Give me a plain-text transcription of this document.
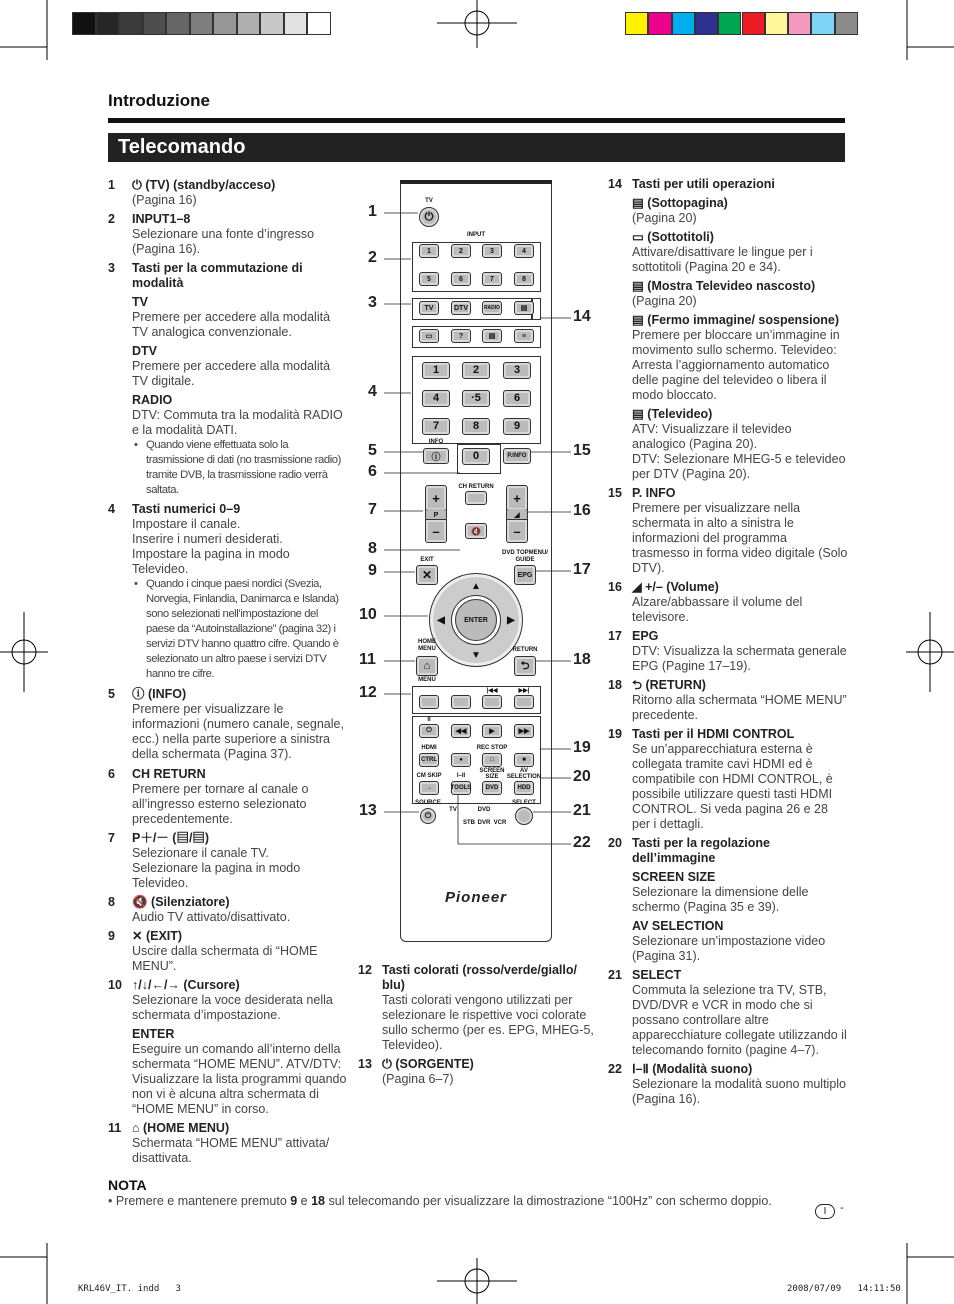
Introduzione
Telecomando
1 ⏻ (TV) (standby/acceso)
(Pagina 16)
2 INPUT1–8
Selezionare una fonte d’ingresso (Pagina 16).
3 Tasti per la commutazione di modalità
TV
Premere per accedere alla modalità TV analogica convenzionale.
DTV
Premere per accedere alla modalità TV digitale.
RADIO
DTV: Commuta tra la modalità RADIO e la modalità DATI.
• Quando viene effettuata solo la trasmissione di dati (no trasmissione radio) tramite DVB, la trasmissione radio verrà saltata.
4 Tasti numerici 0–9
Impostare il canale.
Inserire i numeri desiderati.
Impostare la pagina in modo Televideo.
• Quando i cinque paesi nordici (Svezia, Norvegia, Finlandia, Danimarca e Islanda) sono selezionati nell’impostazione del paese da “Autoinstallazione” (pagina 32) i servizi DTV hanno quattro cifre. Quando è selezionato un altro paese i servizi DTV hanno tre cifre.
5 ⓘ (INFO)
Premere per visualizzare le informazioni (numero canale, segnale, ecc.) nella parte superiore a sinistra della schermata (Pagina 37).
6 CH RETURN
Premere per tornare al canale o all’ingresso esterno selezionato precedentemente.
7 P＋/－ (▤/▤)
Selezionare il canale TV.
Selezionare la pagina in modo Televideo.
8 🔇 (Silenziatore)
Audio TV attivato/disattivato.
9 ✕ (EXIT)
Uscire dalla schermata di “HOME MENU”.
10 ↑/↓/←/→ (Cursore)
Selezionare la voce desiderata nella schermata d’impostazione.
ENTER
Eseguire un comando all’interno della schermata “HOME MENU”. ATV/DTV: Visualizzare la lista programmi quando non vi è alcuna altra schermata di “HOME MENU” in corso.
11 ⌂ (HOME MENU)
Schermata “HOME MENU” attivata/ disattivata.
12 Tasti colorati (rosso/verde/giallo/ blu)
Tasti colorati vengono utilizzati per selezionare le rispettive voci colorate sullo schermo (per es. EPG, MHEG-5, Televideo).
13 ⏻ (SORGENTE)
(Pagina 6–7)
14 Tasti per utili operazioni
▤ (Sottopagina)
(Pagina 20)
▭ (Sottotitoli)
Attivare/disattivare le lingue per i sottotitoli (Pagina 20 e 34).
▤ (Mostra Televideo nascosto)
(Pagina 20)
▤ (Fermo immagine/ sospensione)
Premere per bloccare un’immagine in movimento sullo schermo. Televideo: Arresta l’aggiornamento automatico delle pagine del televideo o libera il modo bloccato.
▤ (Televideo)
ATV: Visualizzare il televideo analogico (Pagina 20).
DTV: Selezionare MHEG-5 e televideo per DTV (Pagina 20).
15 P. INFO
Premere per visualizzare nella schermata in alto a sinistra le informazioni del programma trasmesso in forma video digitale (Solo DTV).
16 ◢ +/– (Volume)
Alzare/abbassare il volume del televisore.
17 EPG
DTV: Visualizza la schermata generale EPG (Pagine 17–19).
18 ⮌ (RETURN)
Ritorno alla schermata “HOME MENU” precedente.
19 Tasti per il HDMI CONTROL
Se un’apparecchiatura esterna è collegata tramite cavi HDMI ed è compatibile con HDMI CONTROL, è possibile utilizzare questi tasti HDMI CONTROL. Si veda pagina 26 e 28 per i dettagli.
20 Tasti per la regolazione dell’immagine
SCREEN SIZE
Selezionare la dimensione delle schermo (Pagina 35 e 39).
AV SELECTION
Selezionare un’impostazione video (Pagina 31).
21 SELECT
Commuta la selezione tra TV, STB, DVD/DVR e VCR in modo che si possano controllare altre apparecchiature collegate utilizzando il telecomando fornito (pagine 4–7).
22 Ⅰ–Ⅱ (Modalità suono)
Selezionare la modalità suono multiplo (Pagina 16).
TV
⏻
INPUT
1
5
2
6
3
7
4
8
TV	DTV	RADIO	▤
▭	?	▤	≡
1	2	3
4	·5	6
7	8	9
INFO
ⓘ	0	P.INFO
CH RETURN
+
P
–	🔇
+
◢
–
EXIT
✕
DVD TOPMENU/
GUIDE
EPG
▲
▼
◀	▶
ENTER
HOME
MENU
⌂
MENU
RETURN
⮌
|◀◀	▶▶|
II
⏻	◀◀	▶	▶▶
HDMI	REC STOP
CTRL	●	□	■
CM SKIP	I–II
SCREEN
SIZE
AV
SELECTION
→	TOOLS	DVD	HDD
SOURCE
⏻
TV	DVD
STB DVR VCR
SELECT
Pioneer
1
2
3
4
5
6
7
8
9
10
11
12
13
14
15
16
17
18
19
20
21
22
NOTA
• Premere e mantenere premuto 9 e 18 sul telecomando per visualizzare la dimostrazione “100Hz” con schermo doppio.
I	-
KRL46V_IT. indd   3	2008/07/09   14:11:50
